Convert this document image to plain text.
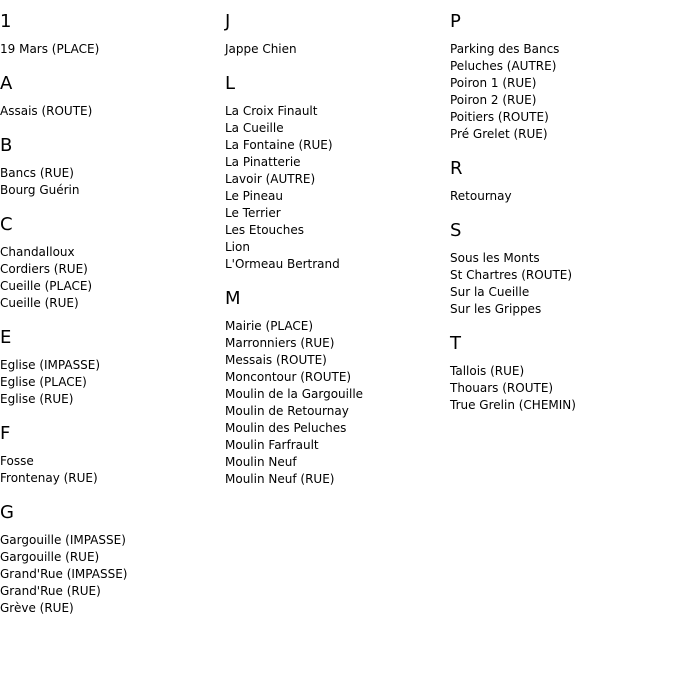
1
19 Mars (PLACE)
A
Assais (ROUTE)
B
Bancs (RUE)
Bourg Guérin
C
Chandalloux
Cordiers (RUE)
Cueille (PLACE)
Cueille (RUE)
E
Eglise (IMPASSE)
Eglise (PLACE)
Eglise (RUE)
F
Fosse
Frontenay (RUE)
G
Gargouille (IMPASSE)
Gargouille (RUE)
Grand'Rue (IMPASSE)
Grand'Rue (RUE)
Grève (RUE)
J
Jappe Chien
L
La Croix Finault
La Cueille
La Fontaine (RUE)
La Pinatterie
Lavoir (AUTRE)
Le Pineau
Le Terrier
Les Etouches
Lion
L'Ormeau Bertrand
M
Mairie (PLACE)
Marronniers (RUE)
Messais (ROUTE)
Moncontour (ROUTE)
Moulin de la Gargouille
Moulin de Retournay
Moulin des Peluches
Moulin Farfrault
Moulin Neuf
Moulin Neuf (RUE)
P
Parking des Bancs
Peluches (AUTRE)
Poiron 1 (RUE)
Poiron 2 (RUE)
Poitiers (ROUTE)
Pré Grelet (RUE)
R
Retournay
S
Sous les Monts
St Chartres (ROUTE)
Sur la Cueille
Sur les Grippes
T
Tallois (RUE)
Thouars (ROUTE)
True Grelin (CHEMIN)
